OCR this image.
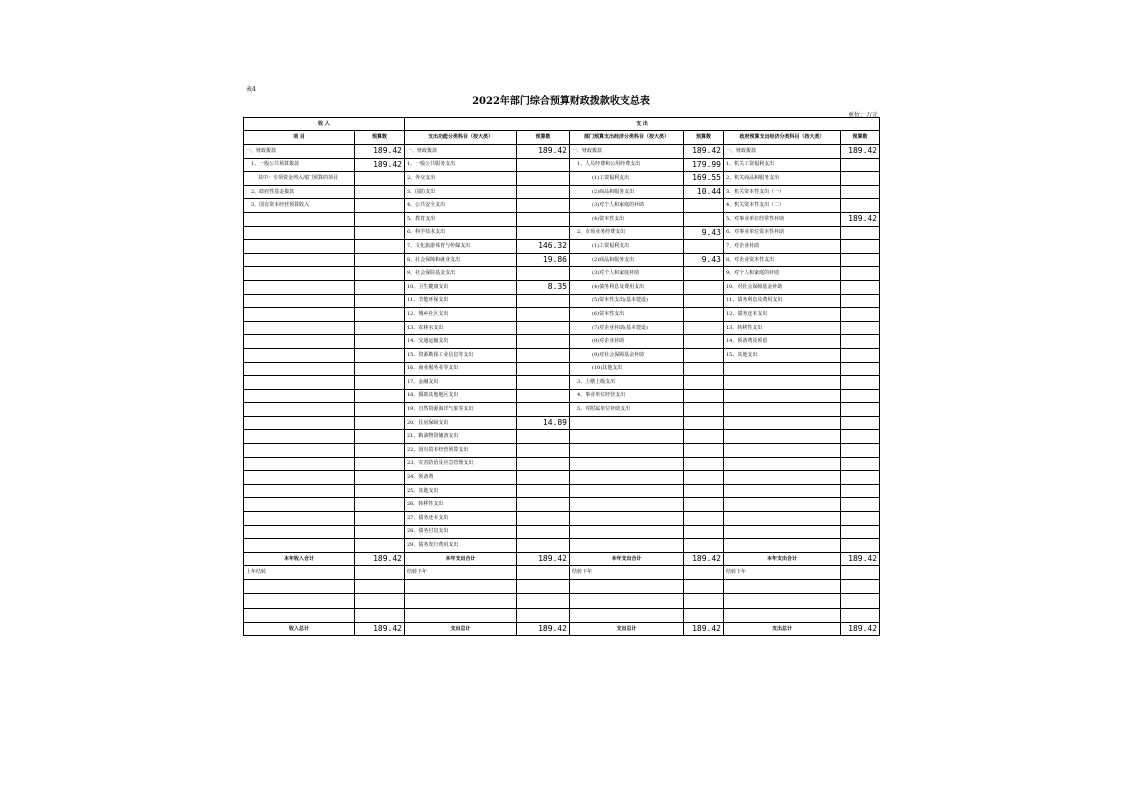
表4
2022年部门综合预算财政拨款收支总表
单位：万元
收 入		支 出					
项 目	预算数	支出功能分类科目（按大类）	预算数	部门预算支出经济分类科目（按大类）	预算数	政府预算支出经济分类科目（按大类）	预算数
一、财政拨款	189.42	一、财政拨款	189.42	一、财政拨款	189.42	一、财政拨款	189.42
1、一般公共预算拨款	189.42	1、一般公共服务支出		1、人员经费和公用经费支出	179.99	1、机关工资福利支出	
其中：专项资金列入部门预算的项目		2、外交支出		(1)工资福利支出	169.55	2、机关商品和服务支出	
2、政府性基金拨款		3、国防支出		(2)商品和服务支出	10.44	3、机关资本性支出（一）	
3、国有资本经营预算收入		4、公共安全支出		(3)对个人和家庭的补助		4、机关资本性支出（二）	
		5、教育支出		(4)资本性支出		5、对事业单位经常性补助	189.42
		6、科学技术支出		2、专项业务经费支出	9.43	6、对事业单位资本性补助	
		7、文化旅游体育与传媒支出	146.32	(1)工资福利支出		7、对企业补助	
		8、社会保障和就业支出	19.86	(2)商品和服务支出	9.43	8、对企业资本性支出	
		9、社会保险基金支出		(3)对个人和家庭补助		9、对个人和家庭的补助	
		10、卫生健康支出	8.35	(4)债务利息及费用支出		10、对社会保障基金补助	
		11、节能环保支出		(5)资本性支出(基本建设)		11、债务利息及费用支出	
		12、城乡社区支出		(6)资本性支出		12、债务还本支出	
		13、农林水支出		(7)对企业补助(基本建设)		13、转移性支出	
		14、交通运输支出		(8)对企业补助		14、预备费及预留	
		15、资源勘探工业信息等支出		(9)对社会保障基金补助		15、其他支出	
		16、商业服务业等支出		(10)其他支出			
		17、金融支出		3、上缴上级支出			
		18、援助其他地区支出		4、事业单位经营支出			
		19、自然资源海洋气象等支出		5、对附属单位补助支出			
		20、住房保障支出	14.89				
		21、粮油物资储备支出					
		22、国有资本经营预算支出					
		23、灾害防治及应急管理支出					
		24、预备费					
		25、其他支出					
		26、转移性支出					
		27、债务还本支出					
		28、债务付息支出					
		29、债务发行费用支出					
本年收入合计	189.42	本年支出合计	189.42	本年支出合计	189.42	本年支出合计	189.42
上年结转		结转下年		结转下年		结转下年	

收入总计	189.42	支出总计	189.42	支出总计	189.42	支出总计	189.42
